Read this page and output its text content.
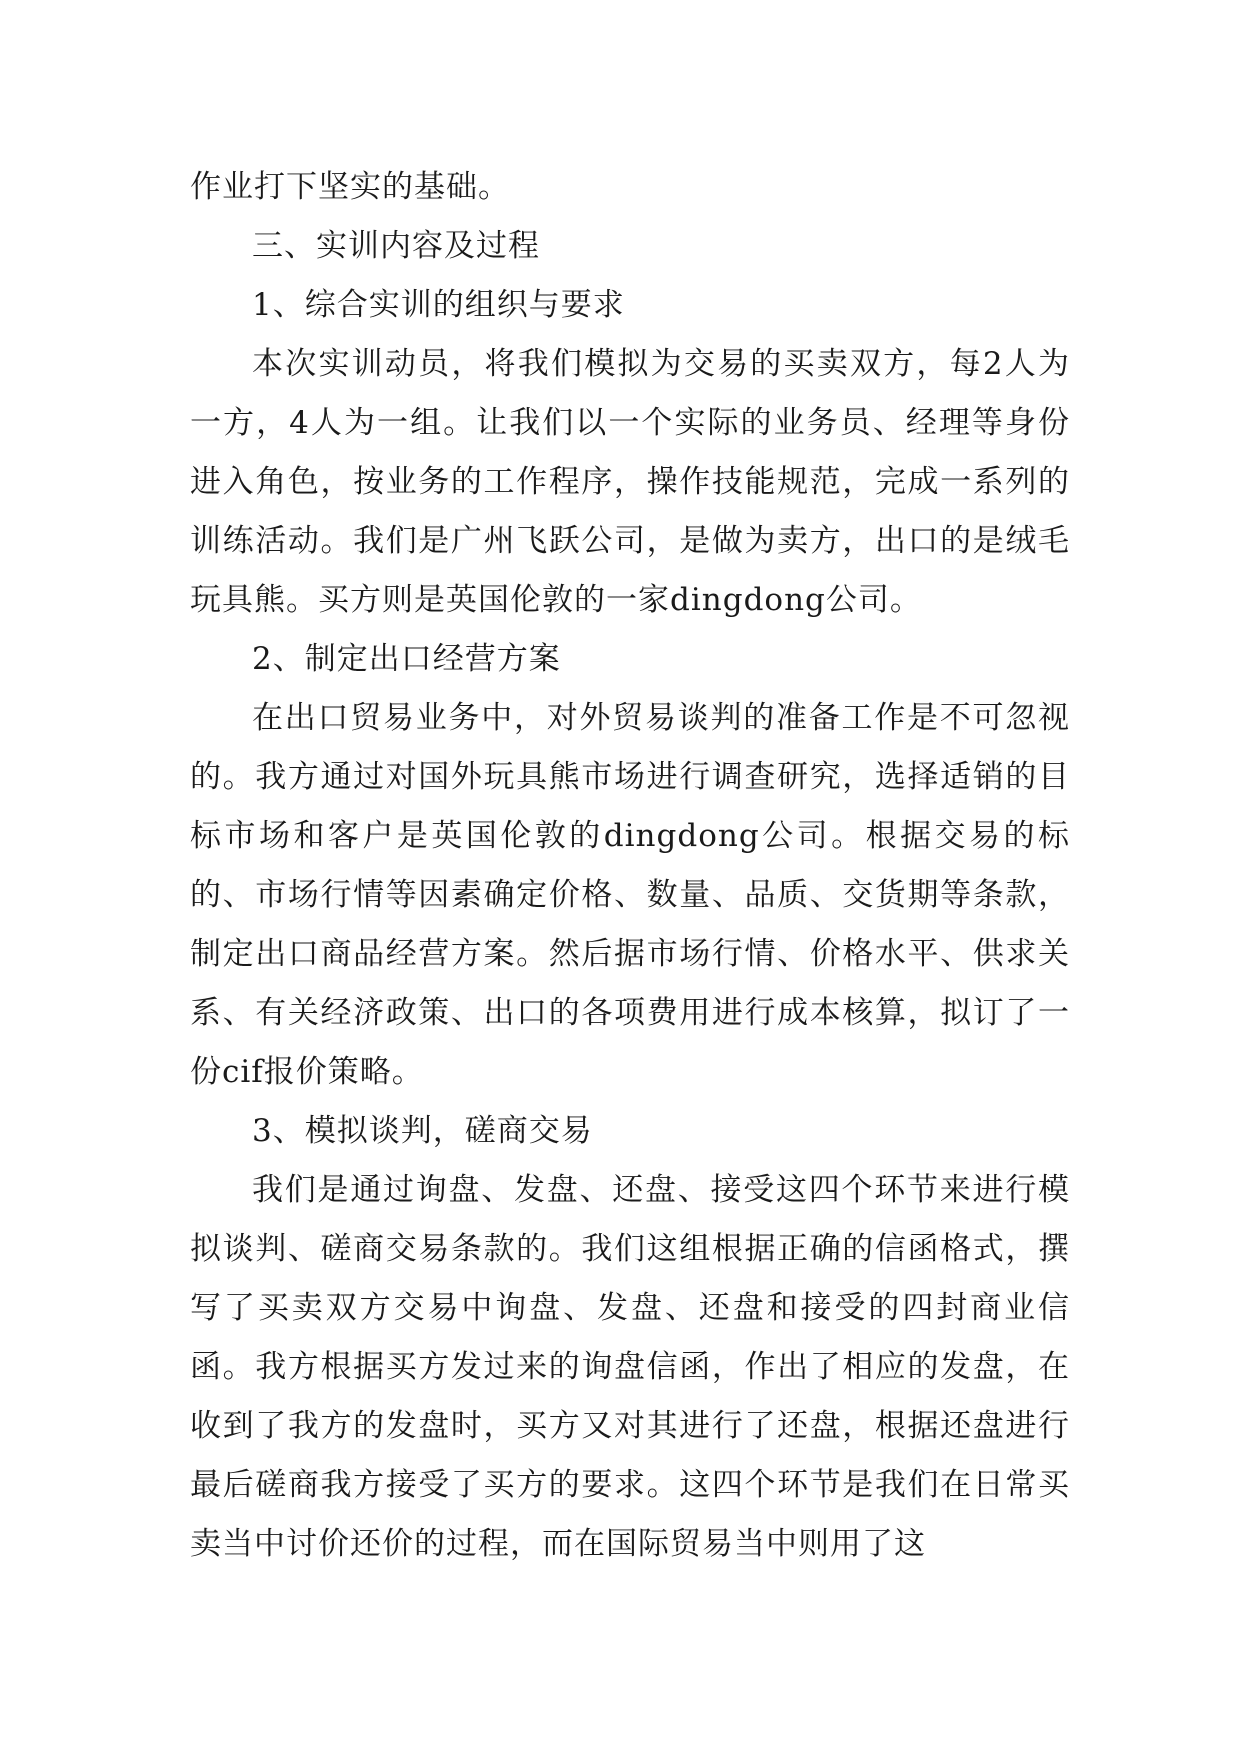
作业打下坚实的基础。

三、实训内容及过程

1、综合实训的组织与要求

本次实训动员，将我们模拟为交易的买卖双方，每2人为一方，4人为一组。让我们以一个实际的业务员、经理等身份进入角色，按业务的工作程序，操作技能规范，完成一系列的训练活动。我们是广州飞跃公司，是做为卖方，出口的是绒毛玩具熊。买方则是英国伦敦的一家dingdong公司。

2、制定出口经营方案

在出口贸易业务中，对外贸易谈判的准备工作是不可忽视的。我方通过对国外玩具熊市场进行调查研究，选择适销的目标市场和客户是英国伦敦的dingdong公司。根据交易的标的、市场行情等因素确定价格、数量、品质、交货期等条款，制定出口商品经营方案。然后据市场行情、价格水平、供求关系、有关经济政策、出口的各项费用进行成本核算，拟订了一份cif报价策略。

3、模拟谈判，磋商交易

我们是通过询盘、发盘、还盘、接受这四个环节来进行模拟谈判、磋商交易条款的。我们这组根据正确的信函格式，撰写了买卖双方交易中询盘、发盘、还盘和接受的四封商业信函。我方根据买方发过来的询盘信函，作出了相应的发盘，在收到了我方的发盘时，买方又对其进行了还盘，根据还盘进行最后磋商我方接受了买方的要求。这四个环节是我们在日常买卖当中讨价还价的过程，而在国际贸易当中则用了这
